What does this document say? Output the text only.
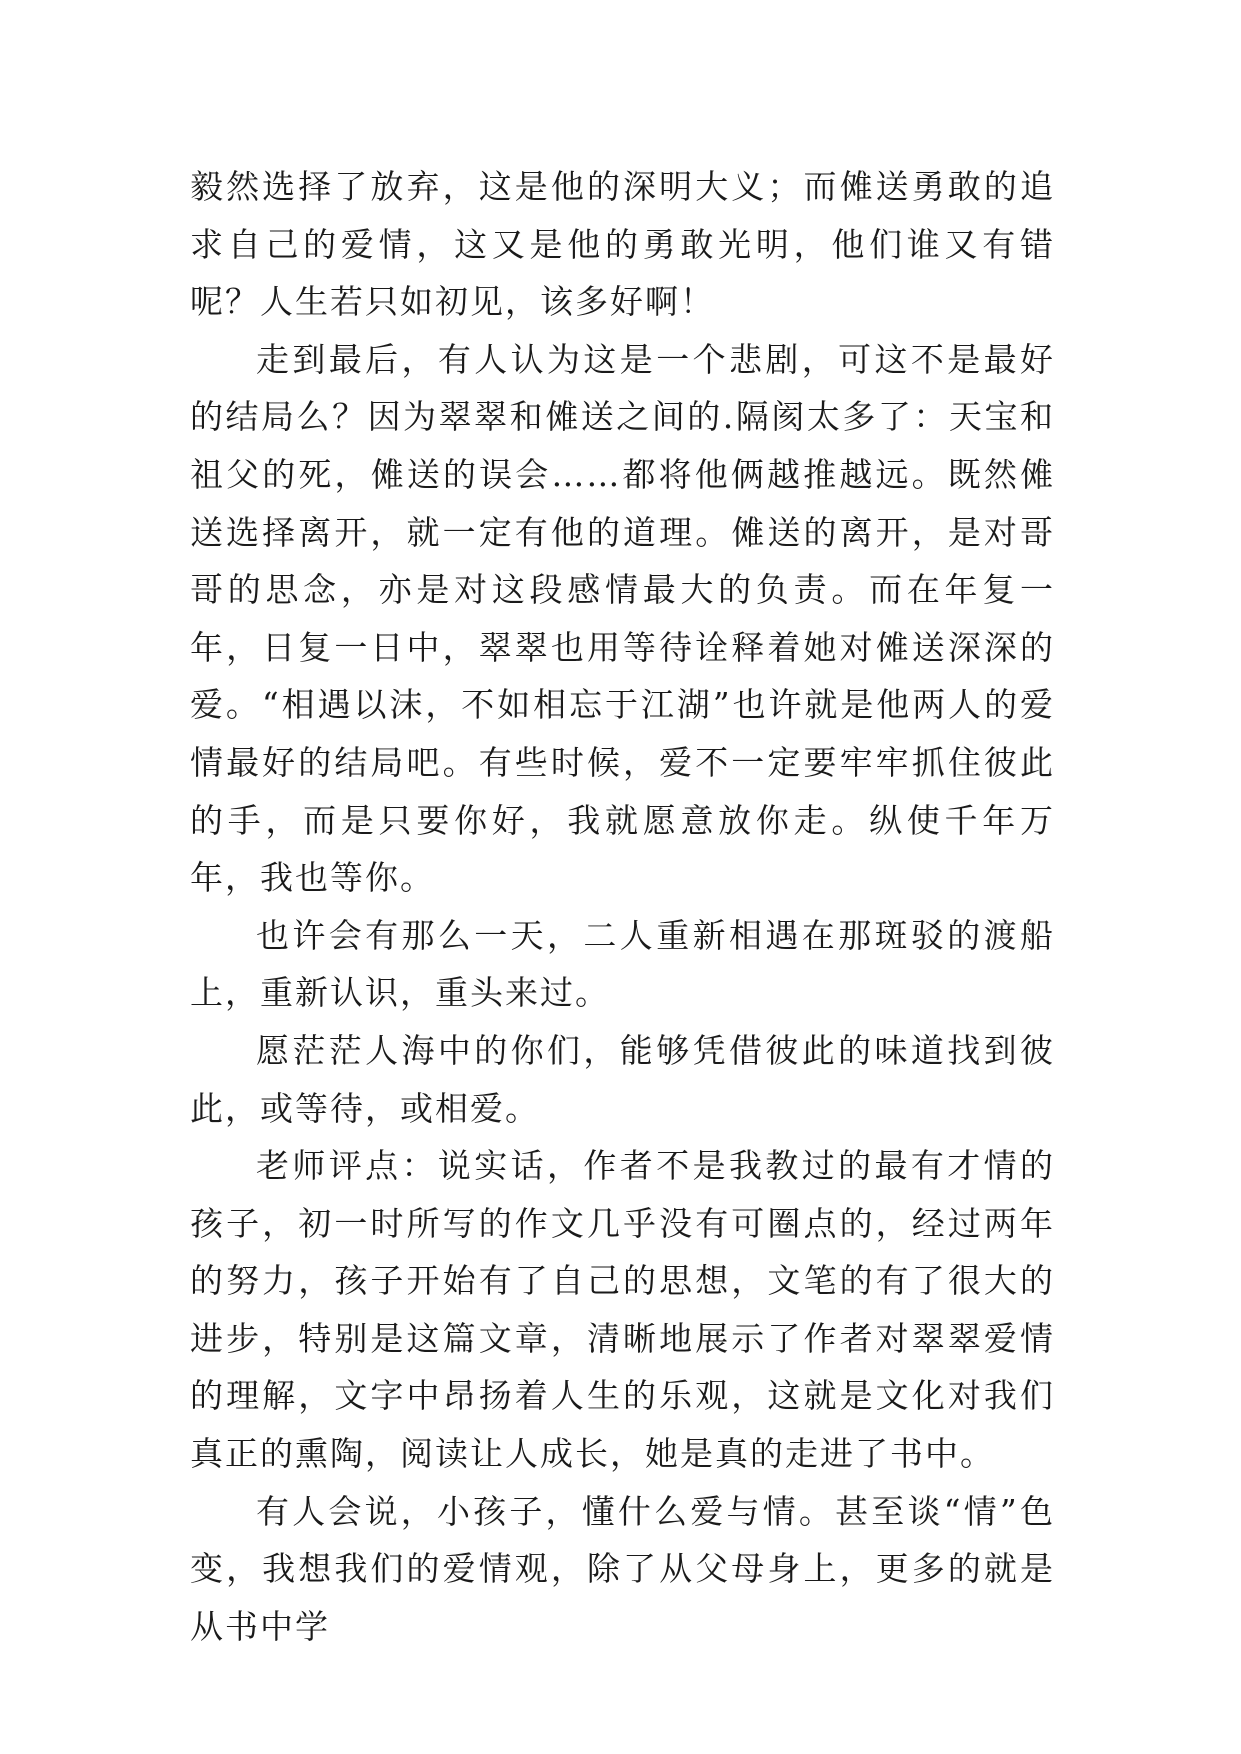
毅然选择了放弃，这是他的深明大义；而傩送勇敢的追求自己的爱情，这又是他的勇敢光明，他们谁又有错呢？人生若只如初见，该多好啊！

走到最后，有人认为这是一个悲剧，可这不是最好的结局么？因为翠翠和傩送之间的.隔阂太多了：天宝和祖父的死，傩送的误会……都将他俩越推越远。既然傩送选择离开，就一定有他的道理。傩送的离开，是对哥哥的思念，亦是对这段感情最大的负责。而在年复一年，日复一日中，翠翠也用等待诠释着她对傩送深深的爱。“相遇以沫，不如相忘于江湖”也许就是他两人的爱情最好的结局吧。有些时候，爱不一定要牢牢抓住彼此的手，而是只要你好，我就愿意放你走。纵使千年万年，我也等你。

也许会有那么一天，二人重新相遇在那斑驳的渡船上，重新认识，重头来过。

愿茫茫人海中的你们，能够凭借彼此的味道找到彼此，或等待，或相爱。

老师评点：说实话，作者不是我教过的最有才情的孩子，初一时所写的作文几乎没有可圈点的，经过两年的努力，孩子开始有了自己的思想，文笔的有了很大的进步，特别是这篇文章，清晰地展示了作者对翠翠爱情的理解，文字中昂扬着人生的乐观，这就是文化对我们真正的熏陶，阅读让人成长，她是真的走进了书中。

有人会说，小孩子，懂什么爱与情。甚至谈“情”色变，我想我们的爱情观，除了从父母身上，更多的就是从书中学
